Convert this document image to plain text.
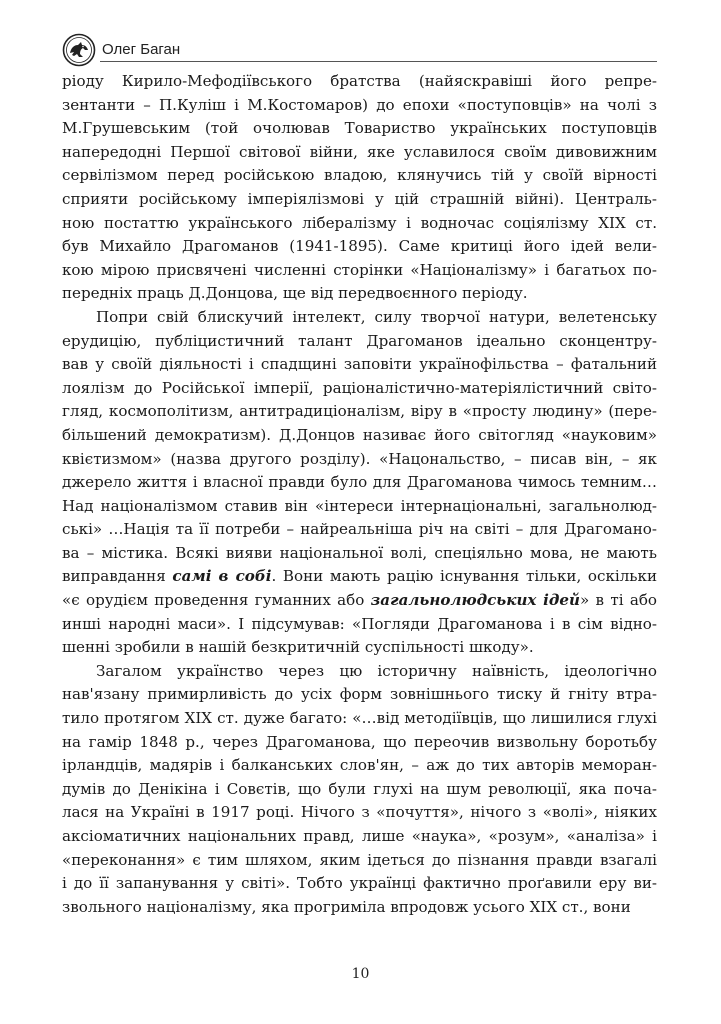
Олег Баган
ріоду Кирило-Мефодіївського братства (найяскравіші його репре-
зентанти – П.Куліш і М.Костомаров) до епохи «поступовців» на чолі з
М.Грушевським (той очолював Товариство українських поступовців
напередодні Першої світової війни, яке уславилося своїм дивовижним
сервілізмом перед російською владою, клянучись тій у своїй вірності
сприяти російському імперіялізмові у цій страшній війні). Централь-
ною постаттю українського лібералізму і водночас соціялізму XIX ст.
був Михайло Драгоманов (1941-1895). Саме критиці його ідей вели-
кою мірою присвячені численні сторінки «Націоналізму» і багатьох по-
передніх праць Д.Донцова, ще від передвоєнного періоду.
Попри свій блискучий інтелект, силу творчої натури, велетенську
ерудицію, публіцистичний талант Драгоманов ідеально сконцентру-
вав у своїй діяльності і спадщині заповіти українофільства – фатальний
лоялізм до Російської імперії, раціоналістично-матеріялістичний світо-
гляд, космополітизм, антитрадиціоналізм, віру в «просту людину» (пере-
більшений демократизм). Д.Донцов називає його світогляд «науковим»
квієтизмом» (назва другого розділу). «Нацональство, – писав він, – як
джерело життя і власної правди було для Драгоманова чимось темним…
Над націоналізмом ставив він «інтереси інтернаціональні, загальнолюд-
ські» …Нація та її потреби – найреальніша річ на світі – для Драгомано-
ва – містика. Всякі вияви національної волі, спеціяльно мова, не мають
виправдання самі в собі. Вони мають рацію існування тільки, оскільки
«є орудієм проведення гуманних або загальнолюдських ідей» в ті або
инші народні маси». І підсумував: «Погляди Драгоманова і в сім відно-
шенні зробили в нашій безкритичній суспільності шкоду».
Загалом українство через цю історичну наївність, ідеологічно
нав'язану примирливість до усіх форм зовнішнього тиску й гніту втра-
тило протягом XIX ст. дуже багато: «…від методіївців, що лишилися глухі
на гамір 1848 р., через Драгоманова, що переочив визвольну боротьбу
ірландців, мадярів і балканських слов'ян, – аж до тих авторів меморан-
думів до Денікіна і Совєтів, що були глухі на шум революції, яка поча-
лася на Україні в 1917 році. Нічого з «почуття», нічого з «волі», ніяких
аксіоматичних національних правд, лише «наука», «розум», «аналіза» і
«переконання» є тим шляхом, яким ідеться до пізнання правди взагалі
і до її запанування у світі». Тобто українці фактично проґавили еру ви-
звольного націоналізму, яка прогриміла впродовж усього XIX ст., вони
10
